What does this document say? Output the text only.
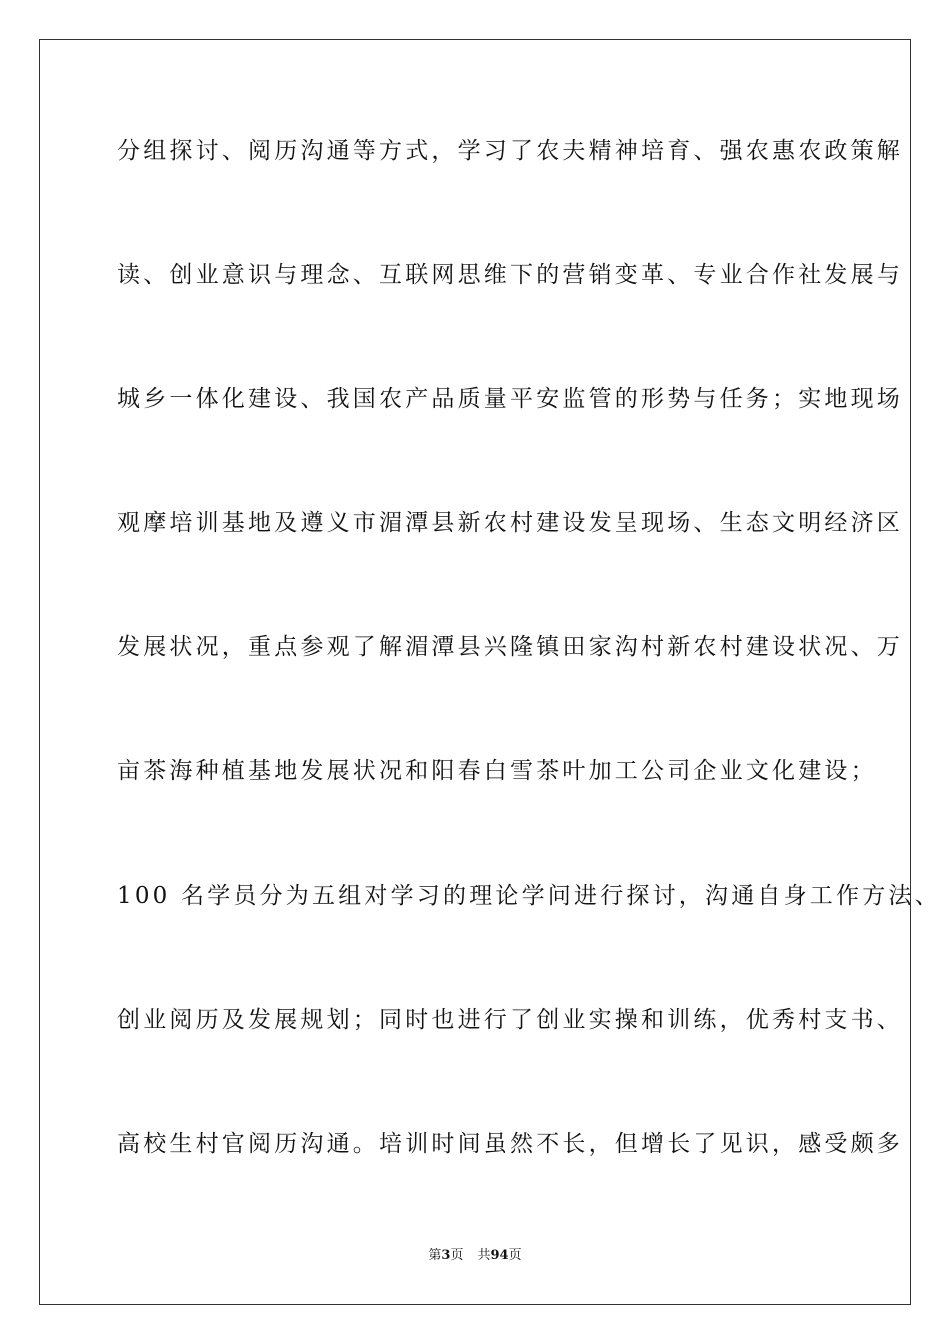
分组探讨、阅历沟通等方式，学习了农夫精神培育、强农惠农政策解
读、创业意识与理念、互联网思维下的营销变革、专业合作社发展与
城乡一体化建设、我国农产品质量平安监管的形势与任务；实地现场
观摩培训基地及遵义市湄潭县新农村建设发呈现场、生态文明经济区
发展状况，重点参观了解湄潭县兴隆镇田家沟村新农村建设状况、万
亩茶海种植基地发展状况和阳春白雪茶叶加工公司企业文化建设；
100 名学员分为五组对学习的理论学问进行探讨，沟通自身工作方法、
创业阅历及发展规划；同时也进行了创业实操和训练，优秀村支书、
高校生村官阅历沟通。培训时间虽然不长，但增长了见识，感受颇多
第3页 共94页
